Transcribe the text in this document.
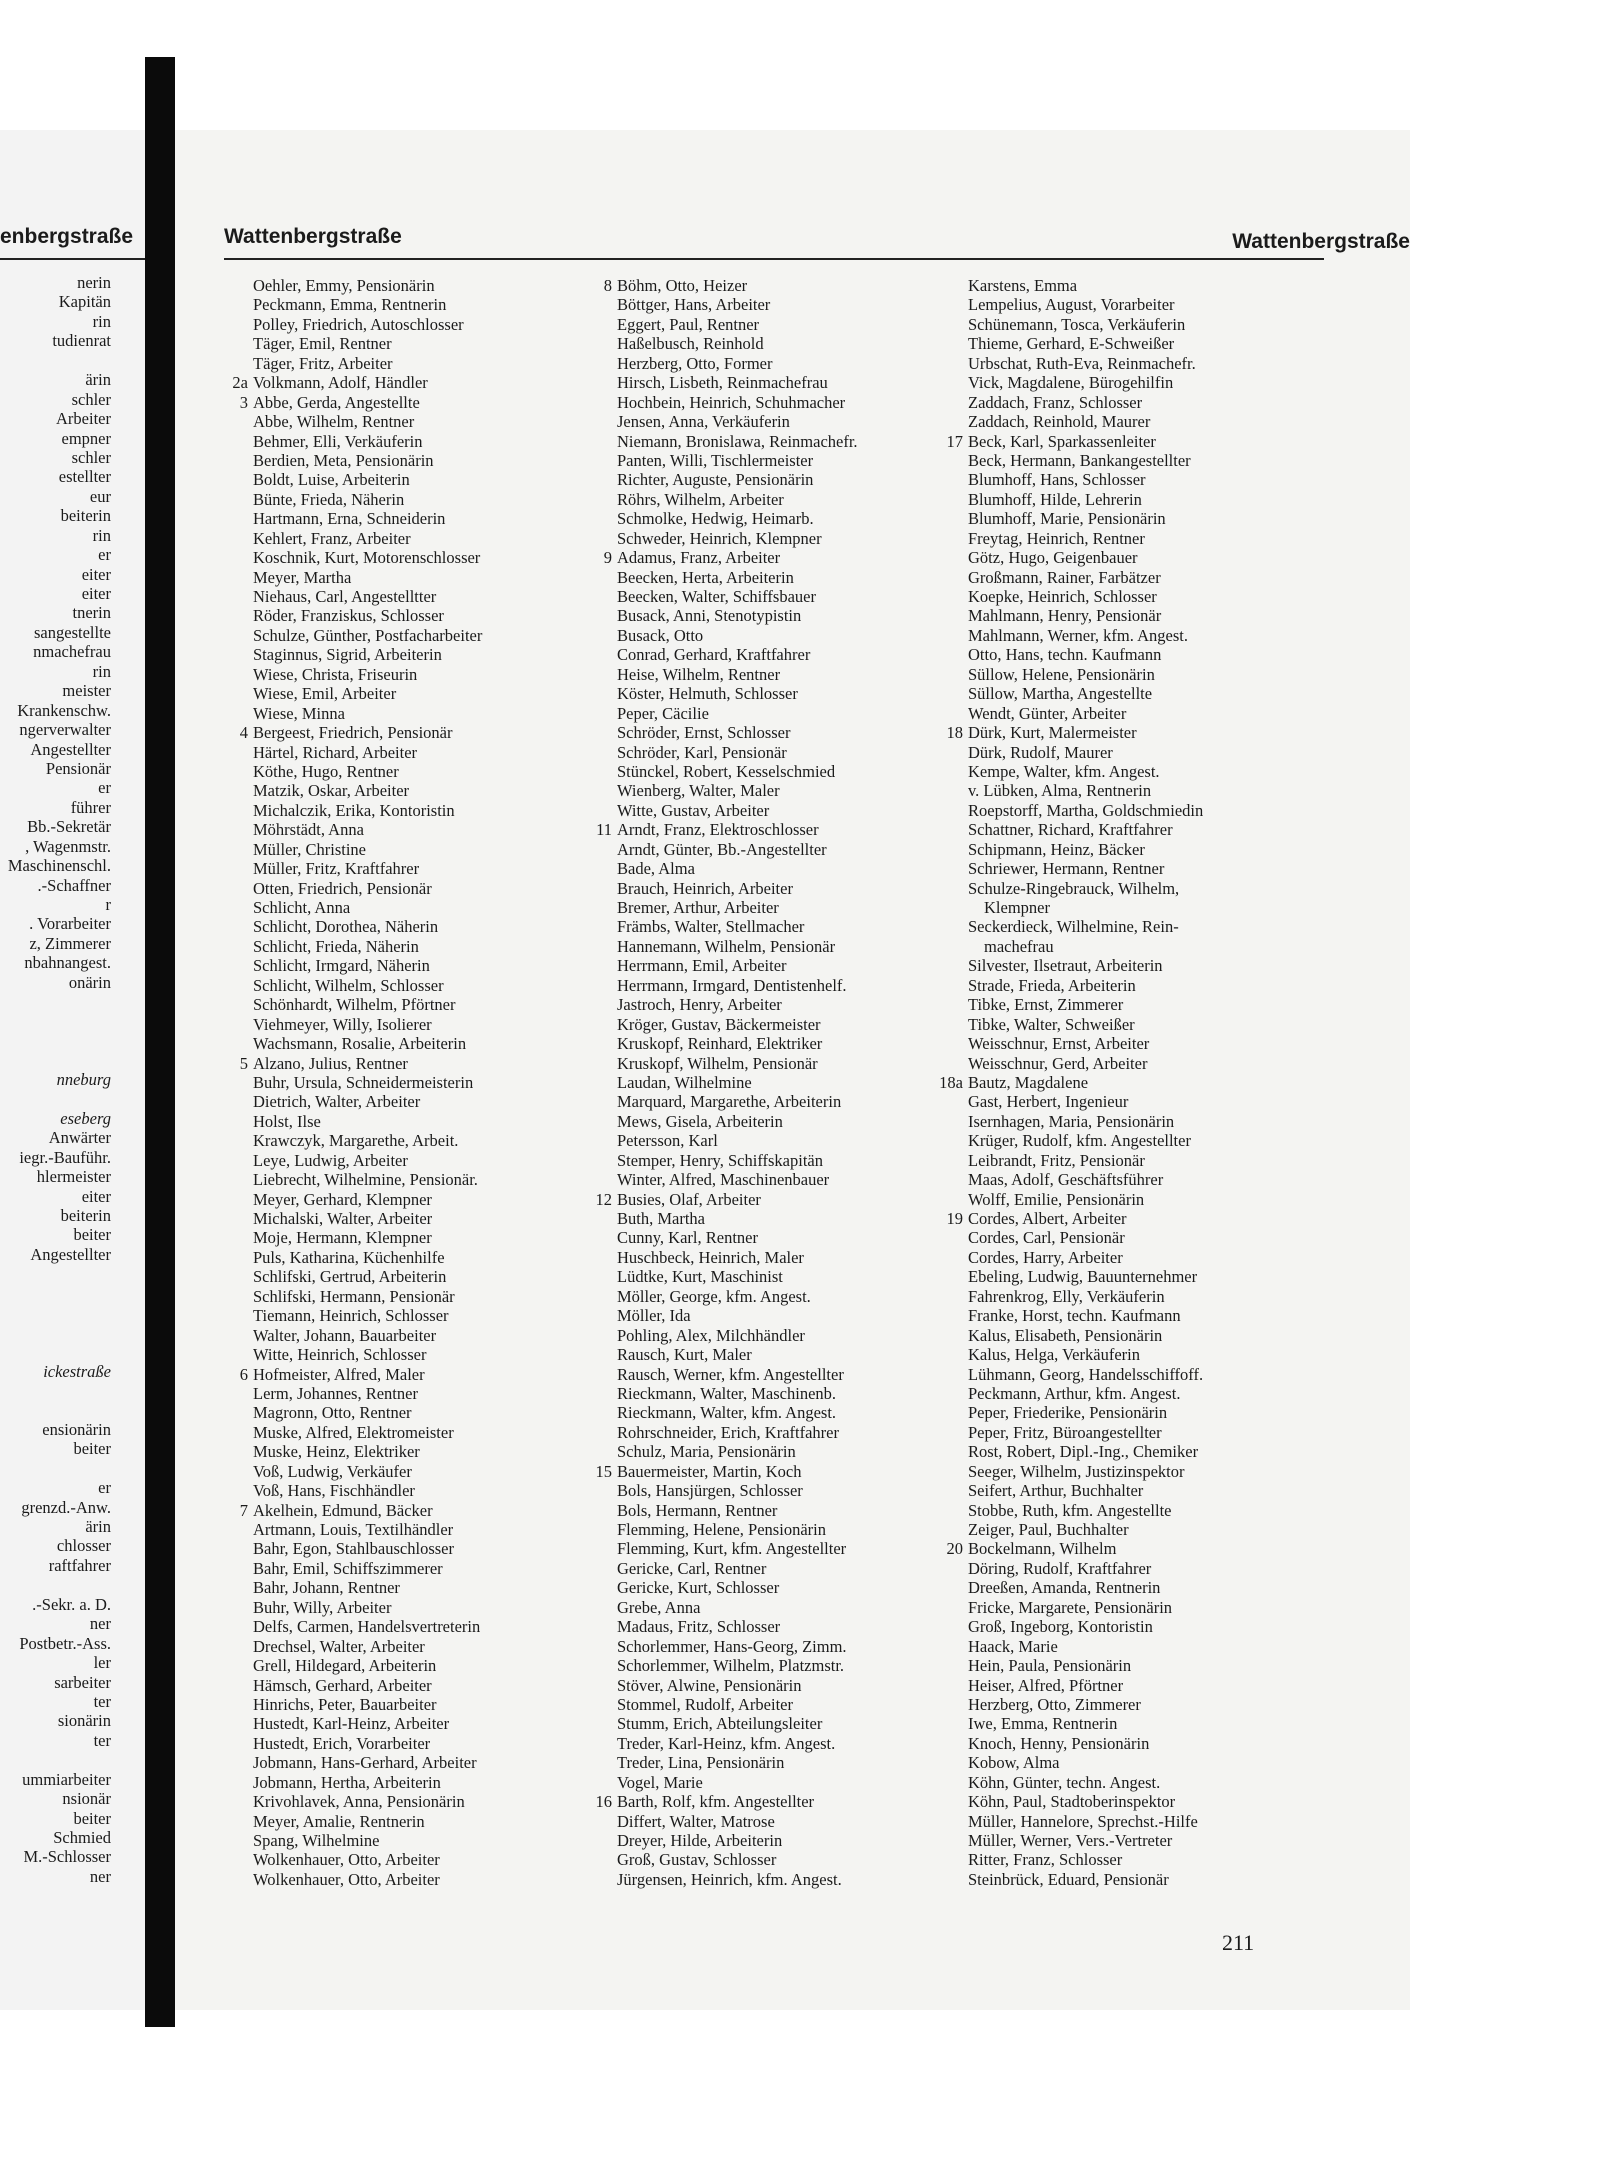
enbergstraße
nerin
Kapitän
rin
tudienrat
ärin
schler
Arbeiter
empner
schler
estellter
eur
beiterin
rin
er
eiter
eiter
tnerin
sangestellte
nmachefrau
rin
meister
Krankenschw.
ngerverwalter
Angestellter
Pensionär
er
führer
Bb.-Sekretär
, Wagenmstr.
Maschinenschl.
.-Schaffner
r
. Vorarbeiter
z, Zimmerer
nbahnangest.
onärin
nneburg
eseberg
Anwärter
iegr.-Bauführ.
hlermeister
eiter
beiterin
beiter
Angestellter
ickestraße
ensionärin
beiter
er
grenzd.-Anw.
ärin
chlosser
raftfahrer
.-Sekr. a. D.
ner
Postbetr.-Ass.
ler
sarbeiter
ter
sionärin
ter
ummiarbeiter
nsionär
beiter
Schmied
M.-Schlosser
ner
Wattenbergstraße	Wattenbergstraße
Oehler, Emmy, Pensionärin
Peckmann, Emma, Rentnerin
Polley, Friedrich, Autoschlosser
Täger, Emil, Rentner
Täger, Fritz, Arbeiter
2a Volkmann, Adolf, Händler
3 Abbe, Gerda, Angestellte
Abbe, Wilhelm, Rentner
Behmer, Elli, Verkäuferin
Berdien, Meta, Pensionärin
Boldt, Luise, Arbeiterin
Bünte, Frieda, Näherin
Hartmann, Erna, Schneiderin
Kehlert, Franz, Arbeiter
Koschnik, Kurt, Motorenschlosser
Meyer, Martha
Niehaus, Carl, Angestelltter
Röder, Franziskus, Schlosser
Schulze, Günther, Postfacharbeiter
Staginnus, Sigrid, Arbeiterin
Wiese, Christa, Friseurin
Wiese, Emil, Arbeiter
Wiese, Minna
4 Bergeest, Friedrich, Pensionär
Härtel, Richard, Arbeiter
Köthe, Hugo, Rentner
Matzik, Oskar, Arbeiter
Michalczik, Erika, Kontoristin
Möhrstädt, Anna
Müller, Christine
Müller, Fritz, Kraftfahrer
Otten, Friedrich, Pensionär
Schlicht, Anna
Schlicht, Dorothea, Näherin
Schlicht, Frieda, Näherin
Schlicht, Irmgard, Näherin
Schlicht, Wilhelm, Schlosser
Schönhardt, Wilhelm, Pförtner
Viehmeyer, Willy, Isolierer
Wachsmann, Rosalie, Arbeiterin
5 Alzano, Julius, Rentner
Buhr, Ursula, Schneidermeisterin
Dietrich, Walter, Arbeiter
Holst, Ilse
Krawczyk, Margarethe, Arbeit.
Leye, Ludwig, Arbeiter
Liebrecht, Wilhelmine, Pensionär.
Meyer, Gerhard, Klempner
Michalski, Walter, Arbeiter
Moje, Hermann, Klempner
Puls, Katharina, Küchenhilfe
Schlifski, Gertrud, Arbeiterin
Schlifski, Hermann, Pensionär
Tiemann, Heinrich, Schlosser
Walter, Johann, Bauarbeiter
Witte, Heinrich, Schlosser
6 Hofmeister, Alfred, Maler
Lerm, Johannes, Rentner
Magronn, Otto, Rentner
Muske, Alfred, Elektromeister
Muske, Heinz, Elektriker
Voß, Ludwig, Verkäufer
Voß, Hans, Fischhändler
7 Akelhein, Edmund, Bäcker
Artmann, Louis, Textilhändler
Bahr, Egon, Stahlbauschlosser
Bahr, Emil, Schiffszimmerer
Bahr, Johann, Rentner
Buhr, Willy, Arbeiter
Delfs, Carmen, Handelsvertreterin
Drechsel, Walter, Arbeiter
Grell, Hildegard, Arbeiterin
Hämsch, Gerhard, Arbeiter
Hinrichs, Peter, Bauarbeiter
Hustedt, Karl-Heinz, Arbeiter
Hustedt, Erich, Vorarbeiter
Jobmann, Hans-Gerhard, Arbeiter
Jobmann, Hertha, Arbeiterin
Krivohlavek, Anna, Pensionärin
Meyer, Amalie, Rentnerin
Spang, Wilhelmine
Wolkenhauer, Otto, Arbeiter
Wolkenhauer, Otto, Arbeiter
8 Böhm, Otto, Heizer
Böttger, Hans, Arbeiter
Eggert, Paul, Rentner
Haßelbusch, Reinhold
Herzberg, Otto, Former
Hirsch, Lisbeth, Reinmachefrau
Hochbein, Heinrich, Schuhmacher
Jensen, Anna, Verkäuferin
Niemann, Bronislawa, Reinmachefr.
Panten, Willi, Tischlermeister
Richter, Auguste, Pensionärin
Röhrs, Wilhelm, Arbeiter
Schmolke, Hedwig, Heimarb.
Schweder, Heinrich, Klempner
9 Adamus, Franz, Arbeiter
Beecken, Herta, Arbeiterin
Beecken, Walter, Schiffsbauer
Busack, Anni, Stenotypistin
Busack, Otto
Conrad, Gerhard, Kraftfahrer
Heise, Wilhelm, Rentner
Köster, Helmuth, Schlosser
Peper, Cäcilie
Schröder, Ernst, Schlosser
Schröder, Karl, Pensionär
Stünckel, Robert, Kesselschmied
Wienberg, Walter, Maler
Witte, Gustav, Arbeiter
11 Arndt, Franz, Elektroschlosser
Arndt, Günter, Bb.-Angestellter
Bade, Alma
Brauch, Heinrich, Arbeiter
Bremer, Arthur, Arbeiter
Främbs, Walter, Stellmacher
Hannemann, Wilhelm, Pensionär
Herrmann, Emil, Arbeiter
Herrmann, Irmgard, Dentistenhelf.
Jastroch, Henry, Arbeiter
Kröger, Gustav, Bäckermeister
Kruskopf, Reinhard, Elektriker
Kruskopf, Wilhelm, Pensionär
Laudan, Wilhelmine
Marquard, Margarethe, Arbeiterin
Mews, Gisela, Arbeiterin
Petersson, Karl
Stemper, Henry, Schiffskapitän
Winter, Alfred, Maschinenbauer
12 Busies, Olaf, Arbeiter
Buth, Martha
Cunny, Karl, Rentner
Huschbeck, Heinrich, Maler
Lüdtke, Kurt, Maschinist
Möller, George, kfm. Angest.
Möller, Ida
Pohling, Alex, Milchhändler
Rausch, Kurt, Maler
Rausch, Werner, kfm. Angestellter
Rieckmann, Walter, Maschinenb.
Rieckmann, Walter, kfm. Angest.
Rohrschneider, Erich, Kraftfahrer
Schulz, Maria, Pensionärin
15 Bauermeister, Martin, Koch
Bols, Hansjürgen, Schlosser
Bols, Hermann, Rentner
Flemming, Helene, Pensionärin
Flemming, Kurt, kfm. Angestellter
Gericke, Carl, Rentner
Gericke, Kurt, Schlosser
Grebe, Anna
Madaus, Fritz, Schlosser
Schorlemmer, Hans-Georg, Zimm.
Schorlemmer, Wilhelm, Platzmstr.
Stöver, Alwine, Pensionärin
Stommel, Rudolf, Arbeiter
Stumm, Erich, Abteilungsleiter
Treder, Karl-Heinz, kfm. Angest.
Treder, Lina, Pensionärin
Vogel, Marie
16 Barth, Rolf, kfm. Angestellter
Differt, Walter, Matrose
Dreyer, Hilde, Arbeiterin
Groß, Gustav, Schlosser
Jürgensen, Heinrich, kfm. Angest.
Karstens, Emma
Lempelius, August, Vorarbeiter
Schünemann, Tosca, Verkäuferin
Thieme, Gerhard, E-Schweißer
Urbschat, Ruth-Eva, Reinmachefr.
Vick, Magdalene, Bürogehilfin
Zaddach, Franz, Schlosser
Zaddach, Reinhold, Maurer
17 Beck, Karl, Sparkassenleiter
Beck, Hermann, Bankangestellter
Blumhoff, Hans, Schlosser
Blumhoff, Hilde, Lehrerin
Blumhoff, Marie, Pensionärin
Freytag, Heinrich, Rentner
Götz, Hugo, Geigenbauer
Großmann, Rainer, Farbätzer
Koepke, Heinrich, Schlosser
Mahlmann, Henry, Pensionär
Mahlmann, Werner, kfm. Angest.
Otto, Hans, techn. Kaufmann
Süllow, Helene, Pensionärin
Süllow, Martha, Angestellte
Wendt, Günter, Arbeiter
18 Dürk, Kurt, Malermeister
Dürk, Rudolf, Maurer
Kempe, Walter, kfm. Angest.
v. Lübken, Alma, Rentnerin
Roepstorff, Martha, Goldschmiedin
Schattner, Richard, Kraftfahrer
Schipmann, Heinz, Bäcker
Schriewer, Hermann, Rentner
Schulze-Ringebrauck, Wilhelm,
Klempner
Seckerdieck, Wilhelmine, Rein-
machefrau
Silvester, Ilsetraut, Arbeiterin
Strade, Frieda, Arbeiterin
Tibke, Ernst, Zimmerer
Tibke, Walter, Schweißer
Weisschnur, Ernst, Arbeiter
Weisschnur, Gerd, Arbeiter
18a Bautz, Magdalene
Gast, Herbert, Ingenieur
Isernhagen, Maria, Pensionärin
Krüger, Rudolf, kfm. Angestellter
Leibrandt, Fritz, Pensionär
Maas, Adolf, Geschäftsführer
Wolff, Emilie, Pensionärin
19 Cordes, Albert, Arbeiter
Cordes, Carl, Pensionär
Cordes, Harry, Arbeiter
Ebeling, Ludwig, Bauunternehmer
Fahrenkrog, Elly, Verkäuferin
Franke, Horst, techn. Kaufmann
Kalus, Elisabeth, Pensionärin
Kalus, Helga, Verkäuferin
Lühmann, Georg, Handelsschiffoff.
Peckmann, Arthur, kfm. Angest.
Peper, Friederike, Pensionärin
Peper, Fritz, Büroangestellter
Rost, Robert, Dipl.-Ing., Chemiker
Seeger, Wilhelm, Justizinspektor
Seifert, Arthur, Buchhalter
Stobbe, Ruth, kfm. Angestellte
Zeiger, Paul, Buchhalter
20 Bockelmann, Wilhelm
Döring, Rudolf, Kraftfahrer
Dreeßen, Amanda, Rentnerin
Fricke, Margarete, Pensionärin
Groß, Ingeborg, Kontoristin
Haack, Marie
Hein, Paula, Pensionärin
Heiser, Alfred, Pförtner
Herzberg, Otto, Zimmerer
Iwe, Emma, Rentnerin
Knoch, Henny, Pensionärin
Kobow, Alma
Köhn, Günter, techn. Angest.
Köhn, Paul, Stadtoberinspektor
Müller, Hannelore, Sprechst.-Hilfe
Müller, Werner, Vers.-Vertreter
Ritter, Franz, Schlosser
Steinbrück, Eduard, Pensionär
211
